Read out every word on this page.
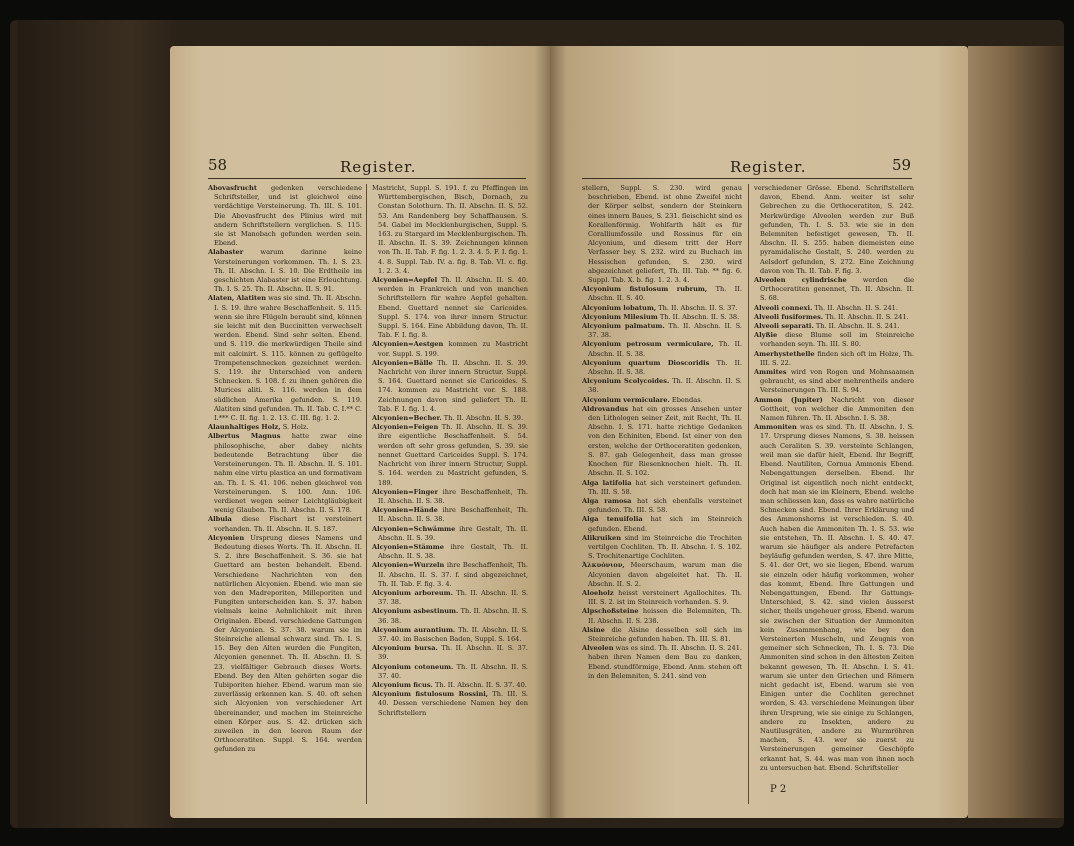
58	Register.

Abovasfrucht gedenken verschiedene Schriftsteller, und ist gleichwol eine verdächtige Versteinerung. Th. III. S. 101. Die Abovasfrucht des Plinius wird mit andern Schriftstellern verglichen. S. 115. sie ist Manobach gefunden werden sein. Ebend.

Alabaster	warum darinne keine Versteinerungen vorkommen. Th. I. S. 23. Th. II. Abschn. I. S. 10. Die Erdtheile im geschichten Alabaster ist eine Erleuchtung. Th. I. S. 25. Th. II. Abschn. II. S. 91.

Alaten, Alatiten was sie sind. Th. II. Abschn. I. S. 19. ihre wahre Beschaffenheit. S. 115. wenn sie ihre Flügeln beraubt sind, können sie leicht mit den Buccinitten verwechselt werden. Ebend. Sind sehr selten. Ebend. und S. 119. die merkwürdigen Theile sind mit calcinirt. S. 115. können zu geflügelte Trompetenschnecken gezeichnet werden. S. 119. ihr Unterschied von andern Schnecken. S. 108. f. zu ihnen gehören die Murices aliti. S. 116. werden in dem südlichen Amerika gefunden. S. 119. Alatiten sind gefunden. Th. II. Tab. C. I.** C. I.*** C. II. fig. 1. 2. 13. C. III. fig. 1. 2.

Alaunhaltiges Holz, S. Holz.

Albertus Magnus hatte zwar eine philosophische, aber dabey nichts bedeutende Betrachtung über die Versteinerungen. Th. II. Abschn. II. S. 101. nahm eine virtu plastica an und formativam an. Th. I. S. 41. 106. neben gleichwol von Versteinerungen. S. 100. Ann. 106. verdienet wegen seiner Leichtgläubigkeit wenig Glauben. Th. II. Abschn. II. S. 178.

Albula diese Fischart ist versteinert vorhanden. Th. II. Abschn. II. S. 187.

Alcyonien Ursprung dieses Namens und Bedeutung dieses Worts. Th. II. Abschn. II. S. 2. ihre Beschaffenheit. S. 36. sie hat Guettard am besten behandelt. Ebend. Verschiedene Nachrichten von den natürlichen Alcyonien. Ebend. wie man sie von den Madreporiten, Milleporiten und Fungiten unterscheiden kan. S. 37. haben vielmals keine Aehnlichkeit mit ihren Originalen. Ebend. verschiedene Gattungen der Alcyonien. S. 37. 38. warum sie im Steinreiche allemal schwarz sind. Th. I. S. 15. Bey den Alten wurden die Fungiten, Alcyonien genennet. Th. II. Abschn. II. S. 23. vielfältiger Gebrauch dieses Worts. Ebend. Bey den Alten gehörten sogar die Tubiporiten hieher. Ebend. warum man sie zuverlässig erkennen kan. S. 40. oft sehen sich Alcyonien von verschiedener Art übereinander, und machen im Steinreiche einen Körper aus. S. 42. drücken sich zuweilen in den leeren Raum der Orthoceratiten. Suppl. S. 164. werden gefunden zu

Mastricht, Suppl. S. 191. f. zu Pfeffingen im Württembergischen, Bisch, Dornach, zu Constan Solothurn. Th. II. Abschn. II. S. 52. 53. Am Randenberg bey Schaffhausen. S. 54. Gabel im Mecklenburgischen, Suppl. S. 163. zu Stargard im Mecklenburgischen. Th. II. Abschn. II. S. 39. Zeichnungen können von Th. II. Tab. F. fig. 1. 2. 3. 4. 5. F. I. fig. 1. 4. 8. Suppl. Tab. IV. a. fig. 8. Tab. VI. c. fig. 1. 2. 3. 4.

Alcyonien=Aepfel Th. II. Abschn. II. S. 40. werden in Frankreich und von manchen Schriftstellern für wahre Aepfel gehalten. Ebend. Guettard nennet sie Caricoides. Suppl. S. 174. von ihrer innern Structur. Suppl. S. 164. Eine Abbildung davon, Th. II. Tab. F. I. fig. 8.

Alcyonien=Aestgen kommen zu Mastricht vor. Suppl. S. 199.

Alcyonien=Bälle Th. II. Abschn. II. S. 39. Nachricht von ihrer innern Structur. Suppl. S. 164. Guettard nennet sie Caricoides. S. 174. kommen zu Mastricht vor. S. 188. Zeichnungen davon sind geliefert Th. II. Tab. F. I. fig. 1. 4.

Alcyonien=Becher. Th. II. Abschn. II. S. 39.

Alcyonien=Feigen Th. II. Abschn. II. S. 39. ihre eigentliche Beschaffenheit. S. 54. werden oft sehr gross gefunden, S. 39. sie nennet Guettard Caricoides Suppl. S. 174. Nachricht von ihrer innern Structur, Suppl. S. 164. werden zu Mastricht gefunden, S. 189.

Alcyonien=Finger ihre Beschaffenheit, Th. II. Abschn. II. S. 38.

Alcyonien=Hände ihre Beschaffenheit, Th. II. Abschn. II. S. 38.

Alcyonien=Schwämme ihre Gestalt, Th. II. Abschn. II. S. 39.

Alcyonien=Stämme ihre Gestalt, Th. II. Abschn. II. S. 38.

Alcyonien=Wurzeln ihre Beschaffenheit, Th. II. Abschn. II. S. 37. f. sind abgezeichnet, Th. II. Tab. F. fig. 3. 4.

Alcyonium arboreum. Th. II. Abschn. II. S. 37. 38.

Alcyonium asbestinum. Th. II. Abschn. II. S. 36. 38.

Alcyonium aurantium. Th. II. Abschn. II. S. 37. 40. im Basischen Baden, Suppl. S. 164.

Alcyonium bursa. Th. II. Abschn. II. S. 37. 39.

Alcyonium cotoneum. Th. II. Abschn. II. S. 37. 40.

Alcyonium ficus. Th. II. Abschn. II. S. 37. 40.

Alcyonium fistulosum Rossini, Th. III. S. 40. Dessen verschiedene Namen bey den Schriftstellern

Register.	59

stellern, Suppl. S. 230. wird genau beschrieben, Ebend. ist ohne Zweifel nicht der Körper selbst, sondern der Steinkern eines innern Baues, S. 231. fleischicht sind es Korallenförmig. Wohlfarth hält es für Coralliumfossile und Rossinus für ein Alcyonium, und diesem tritt der Herr Verfasser bey. S. 232. wird zu Buchach im Hessischen gefunden, S. 230. wird abgezeichnet geliefert, Th. III. Tab. ** fig. 6. Suppl. Tab. X. b. fig. 1. 2. 3. 4.

Alcyonium fistulosum rubrum, Th. II. Abschn. II. S. 40.

Alcyonium lobatum, Th. II. Abschn. II. S. 37.

Alcyonium Milesium Th. II. Abschn. II. S. 38.

Alcyonium palmatum. Th. II. Abschn. II. S. 37. 38.

Alcyonium petrosum vermiculare, Th. II. Abschn. II. S. 38.

Alcyonium quartum Dioscoridis Th. II. Abschn. II. S. 38.

Alcyonium Scolycoides. Th. II. Abschn. II. S. 38.

Alcyonium vermiculare. Ebendas.

Aldrovandus hat ein grosses Ansehen unter den Lithologen seiner Zeit, mit Recht, Th. II. Abschn. I. S. 171. hatte richtige Gedanken von den Echiniten, Ebend. Ist einer von den ersten, welche der Orthoceratiten gedenken, S. 87. gab Gelegenheit, dass man grosse Knochen für Riesenknochen hielt. Th. II. Abschn. II. S. 102.

Alga latifolia hat sich versteinert gefunden. Th. III. S. 58.

Alga ramosa hat sich ebenfalls versteinet gefunden. Th. III. S. 58.

Alga tenuifolia hat sich im Steinreich gefunden. Ebend.

Alikruiken sind im Steinreiche die Trochiten vertilgen Cochliten. Th. II. Abschn. I. S. 102. S. Trochitenartige Cochliten.

Ἀλκυόνιον, Meerschaum, warum man die Alcyonien davon abgeleitet hat. Th. II. Abschn. II. S. 2.

Aloeholz heisst versteinert Agallochites. Th. III. S. 2. ist im Steinreich vorhanden. S. 9.

Alpschoßsteine heissen die Belemniten, Th. II. Abschn. II. S. 238.

Alsine die Alsine desselben soll sich im Steinreiche gefunden haben. Th. III. S. 81.

Alveolen was es sind. Th. II. Abschn. II. S. 241. haben ihren Namen dem Bau zu danken, Ebend. stundförmige, Ebend. Anm. stehen oft in den Belemniten, S. 241. sind von

verschiedener Grösse. Ebend. Schriftstellern davon, Ebend. Anm. weiter ist sehr Gebrechen zu die Orthoceratiten, S. 242. Merkwürdige Alveolen werden zur Buß gefunden, Th. I. S. 53. wie sie in den Belemniten befestiget gewesen, Th. II. Abschn. II. S. 255. haben diemeisten eine pyramidalische Gestalt, S. 240. werden zu Aelsdorf gefunden, S. 272. Eine Zeichnung davon von Th. II. Tab. F. fig. 3.

Alveolen cylindrische werden die Orthoceratiten genennet, Th. II. Abschn. II. S. 68.

Alveoli connexi. Th. II. Abschn. II. S. 241.

Alveoli fusiformes. Th. II. Abschn. II. S. 241.

Alveoli separati. Th. II. Abschn. II. S. 241.

Alyßie diese Blume soll im Steinreiche vorhanden seyn. Th. III. S. 80.

Amerhystethelle finden sich oft im Holze, Th. III. S. 22.

Ammites wird von Rogen und Mohnsaamen gebraucht, es sind aber mehrentheils andere Versteinerungen Th. III. S. 94.

Ammon (Jupiter) Nachricht von dieser Gottheit, von welcher die Ammoniten den Namen führen. Th. II. Abschn. I. S. 38.

Ammoniten was es sind. Th. II. Abschn. I. S. 17. Ursprung dieses Namens, S. 38. heissen auch Ceraliten S. 39. versteinte Schlangen, weil man sie dafür hielt, Ebend. Ihr Begriff, Ebend. Nautiliten, Cornua Ammonis Ebend. Nebengattungen derselben. Ebend. Ihr Original ist eigentlich noch nicht entdeckt, doch hat man sie im Kleinern, Ebend. welche man schliessen kan, dass es wahre natürliche Schnecken sind. Ebend. Ihrer Erklärung und des Ammonshorns ist verschieden. S. 40. Auch haben die Ammoniten Th. I. S. 53. wie sie entstehen, Th. II. Abschn. I. S. 40. 47. warum sie häufiger als andere Petrefacten beyläufig gefunden werden, S. 47. ihre Mitte, S. 41. der Ort, wo sie liegen, Ebend. warum sie einzeln oder häufig vorkommen, woher das kommt, Ebend. Ihre Gattungen und Nebengattungen, Ebend. Ihr Gattungs-Unterschied, S. 42. sind vielen äusserst sicher, theils ungeheuer gross, Ebend. warum sie zwischen der Situation der Ammoniten kein Zusammenhang, wie bey den Versteinerten Muscheln, und Zeugnis von gemeiner sich Schnecken, Th. I. S. 73. Die Ammoniten sind schon in den ältesten Zeiten bekannt gewesen, Th. II. Abschn. I. S. 41. warum sie unter den Griechen und Römern nicht gedacht ist, Ebend. warum sie von Einigen unter die Cochliten gerechnet worden, S. 43. verschiedene Meinungen über ihren Ursprung, wie sie einige zu Schlangen, andere zu Insekten, andere zu Nautilusgräten, andere zu Wurmröhren machen, S. 43. wer sie zuerst zu Versteinerungen gemeiner Geschöpfe erkannt hat, S. 44. was man von ihnen noch zu untersuchen hat. Ebend. Schriftsteller

P 2
